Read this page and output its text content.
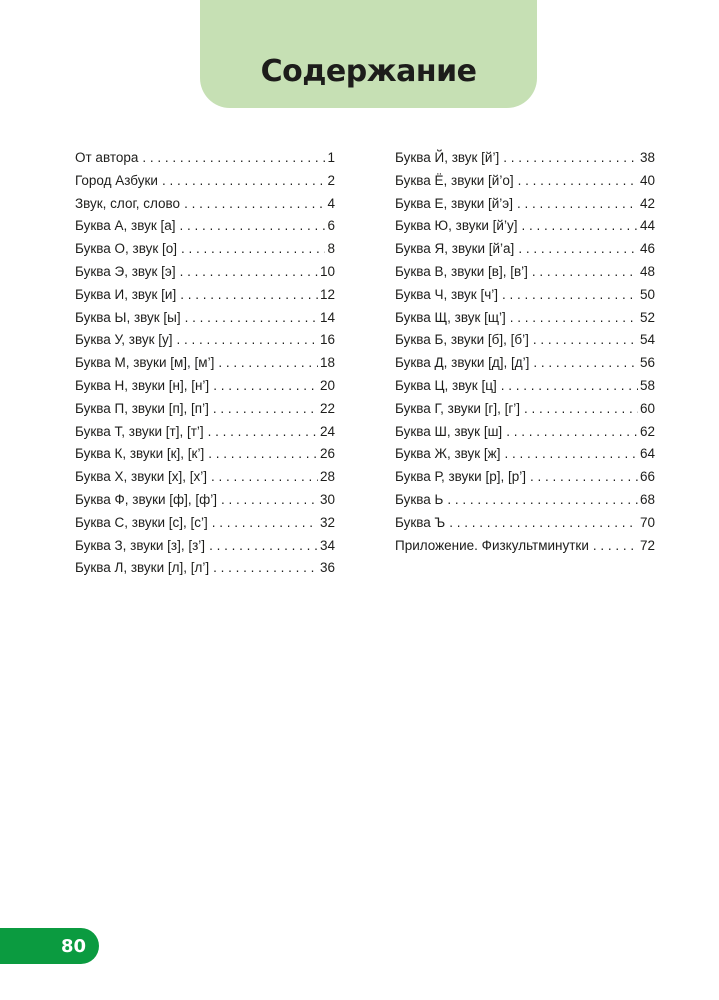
Содержание
От автора . . .	1
Город Азбуки . . .	2
Звук, слог, слово . . .	4
Буква А, звук [а] . . .	6
Буква О, звук [о] . . .	8
Буква Э, звук [э] . . .	10
Буква И, звук [и] . . .	12
Буква Ы, звук [ы] . . .	14
Буква У, звук [у] . . .	16
Буква М, звуки [м], [м’] . . .	18
Буква Н, звуки [н], [н’] . . .	20
Буква П, звуки [п], [п’] . . .	22
Буква Т, звуки [т], [т’] . . .	24
Буква К, звуки [к], [к’] . . .	26
Буква Х, звуки [х], [х’] . . .	28
Буква Ф, звуки [ф], [ф’] . . .	30
Буква С, звуки [с], [с’] . . .	32
Буква З, звуки [з], [з’] . . .	34
Буква Л, звуки [л], [л’] . . .	36
Буква Й, звук [й’] . . .	38
Буква Ё, звуки [й’о] . . .	40
Буква Е, звуки [й’э] . . .	42
Буква Ю, звуки [й’у] . . .	44
Буква Я, звуки [й’а] . . .	46
Буква В, звуки [в], [в’] . . .	48
Буква Ч, звук [ч’] . . .	50
Буква Щ, звук [щ’] . . .	52
Буква Б, звуки [б], [б’] . . .	54
Буква Д, звуки [д], [д’] . . .	56
Буква Ц, звук [ц] . . .	58
Буква Г, звуки [г], [г’] . . .	60
Буква Ш, звук [ш] . . .	62
Буква Ж, звук [ж] . . .	64
Буква Р, звуки [р], [р’] . . .	66
Буква Ь . . .	68
Буква Ъ . . .	70
Приложение. Физкультминутки . . .	72
80
